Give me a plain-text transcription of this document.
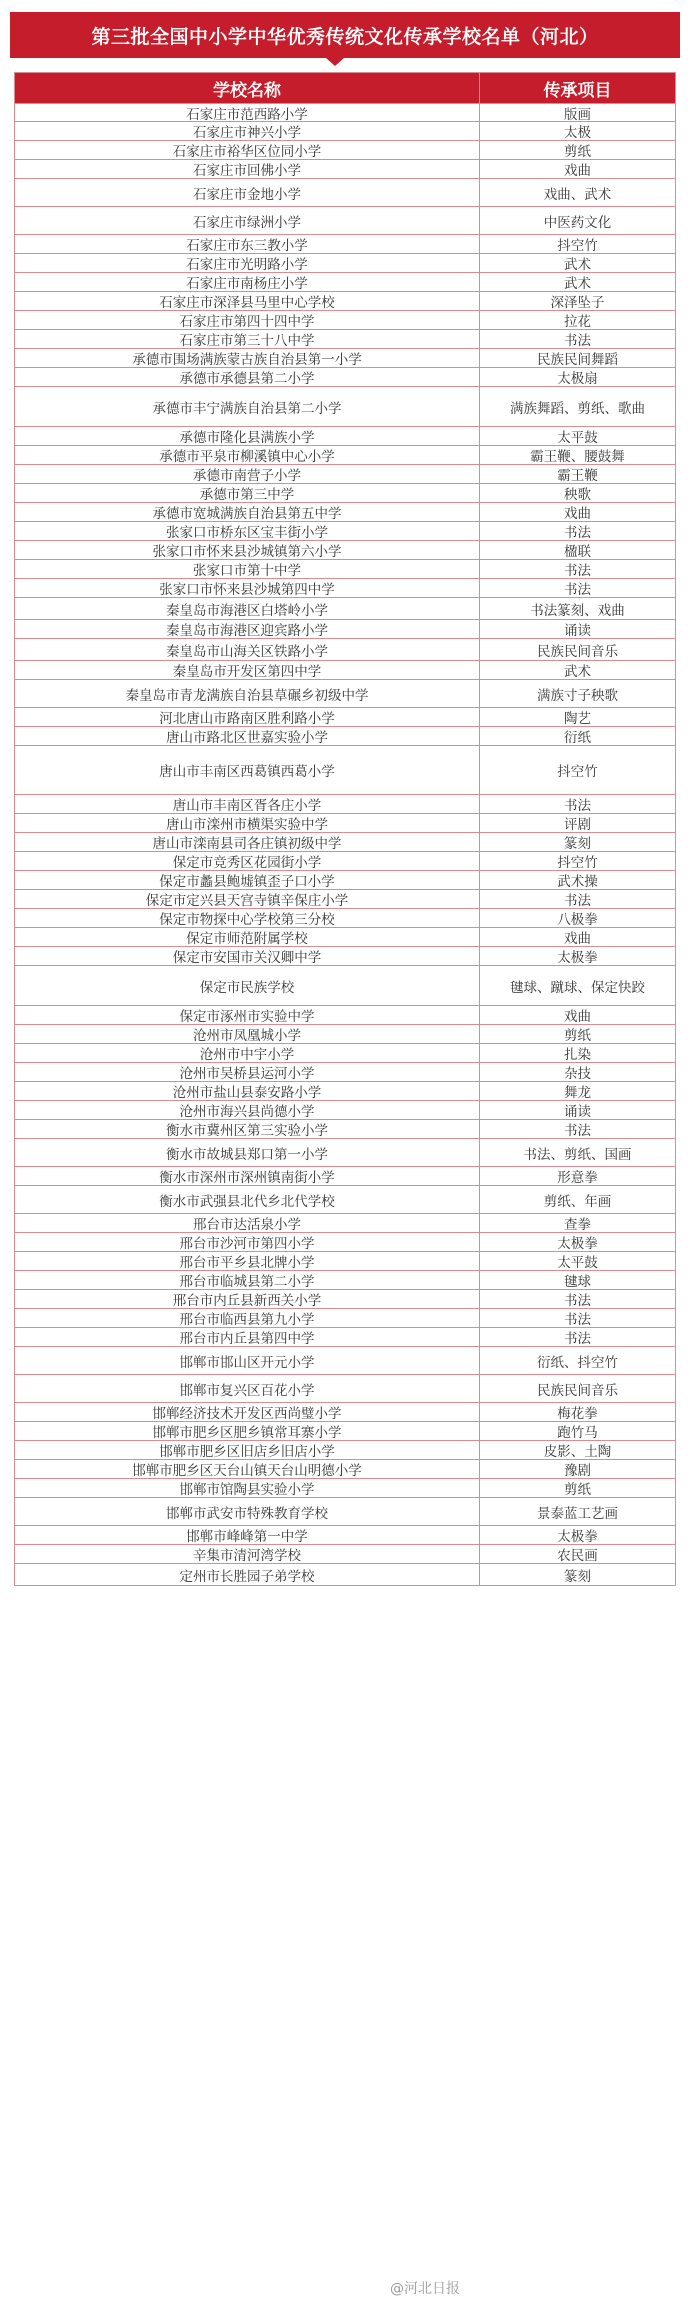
第三批全国中小学中华优秀传统文化传承学校名单（河北）
学校名称	传承项目
石家庄市范西路小学	版画
石家庄市神兴小学	太极
石家庄市裕华区位同小学	剪纸
石家庄市回佛小学	戏曲
石家庄市金地小学	戏曲、武术
石家庄市绿洲小学	中医药文化
石家庄市东三教小学	抖空竹
石家庄市光明路小学	武术
石家庄市南杨庄小学	武术
石家庄市深泽县马里中心学校	深泽坠子
石家庄市第四十四中学	拉花
石家庄市第三十八中学	书法
承德市围场满族蒙古族自治县第一小学	民族民间舞蹈
承德市承德县第二小学	太极扇
承德市丰宁满族自治县第二小学	满族舞蹈、剪纸、歌曲
承德市隆化县满族小学	太平鼓
承德市平泉市柳溪镇中心小学	霸王鞭、腰鼓舞
承德市南营子小学	霸王鞭
承德市第三中学	秧歌
承德市宽城满族自治县第五中学	戏曲
张家口市桥东区宝丰街小学	书法
张家口市怀来县沙城镇第六小学	楹联
张家口市第十中学	书法
张家口市怀来县沙城第四中学	书法
秦皇岛市海港区白塔岭小学	书法篆刻、戏曲
秦皇岛市海港区迎宾路小学	诵读
秦皇岛市山海关区铁路小学	民族民间音乐
秦皇岛市开发区第四中学	武术
秦皇岛市青龙满族自治县草碾乡初级中学	满族寸子秧歌
河北唐山市路南区胜利路小学	陶艺
唐山市路北区世嘉实验小学	衍纸
唐山市丰南区西葛镇西葛小学	抖空竹
唐山市丰南区胥各庄小学	书法
唐山市滦州市横渠实验中学	评剧
唐山市滦南县司各庄镇初级中学	篆刻
保定市竞秀区花园街小学	抖空竹
保定市蠡县鲍墟镇歪子口小学	武术操
保定市定兴县天宫寺镇辛保庄小学	书法
保定市物探中心学校第三分校	八极拳
保定市师范附属学校	戏曲
保定市安国市关汉卿中学	太极拳
保定市民族学校	毽球、蹴球、保定快跤
保定市涿州市实验中学	戏曲
沧州市凤凰城小学	剪纸
沧州市中宇小学	扎染
沧州市吴桥县运河小学	杂技
沧州市盐山县泰安路小学	舞龙
沧州市海兴县尚德小学	诵读
衡水市冀州区第三实验小学	书法
衡水市故城县郑口第一小学	书法、剪纸、国画
衡水市深州市深州镇南街小学	形意拳
衡水市武强县北代乡北代学校	剪纸、年画
邢台市达活泉小学	查拳
邢台市沙河市第四小学	太极拳
邢台市平乡县北牌小学	太平鼓
邢台市临城县第二小学	毽球
邢台市内丘县新西关小学	书法
邢台市临西县第九小学	书法
邢台市内丘县第四中学	书法
邯郸市邯山区开元小学	衍纸、抖空竹
邯郸市复兴区百花小学	民族民间音乐
邯郸经济技术开发区西尚璧小学	梅花拳
邯郸市肥乡区肥乡镇常耳寨小学	跑竹马
邯郸市肥乡区旧店乡旧店小学	皮影、土陶
邯郸市肥乡区天台山镇天台山明德小学	豫剧
邯郸市馆陶县实验小学	剪纸
邯郸市武安市特殊教育学校	景泰蓝工艺画
邯郸市峰峰第一中学	太极拳
辛集市清河湾学校	农民画
定州市长胜园子弟学校	篆刻
@河北日报
